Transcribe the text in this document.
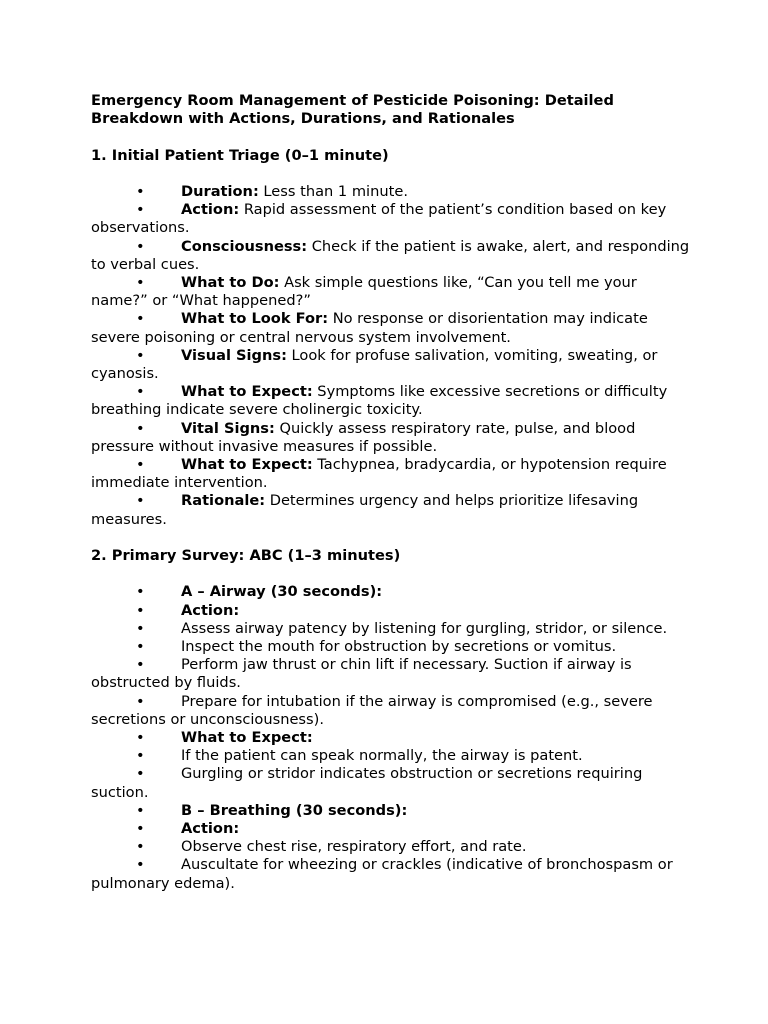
Emergency Room Management of Pesticide Poisoning: Detailed
Breakdown with Actions, Durations, and Rationales

1. Initial Patient Triage (0–1 minute)

• Duration: Less than 1 minute.

• Action: Rapid assessment of the patient’s condition based on key observations.

• Consciousness: Check if the patient is awake, alert, and responding to verbal cues.

• What to Do: Ask simple questions like, “Can you tell me your name?” or “What happened?”

• What to Look For: No response or disorientation may indicate severe poisoning or central nervous system involvement.

• Visual Signs: Look for profuse salivation, vomiting, sweating, or cyanosis.

• What to Expect: Symptoms like excessive secretions or difficulty breathing indicate severe cholinergic toxicity.

• Vital Signs: Quickly assess respiratory rate, pulse, and blood pressure without invasive measures if possible.

• What to Expect: Tachypnea, bradycardia, or hypotension require immediate intervention.

• Rationale: Determines urgency and helps prioritize lifesaving measures.

2. Primary Survey: ABC (1–3 minutes)

• A – Airway (30 seconds):

• Action:

• Assess airway patency by listening for gurgling, stridor, or silence.

• Inspect the mouth for obstruction by secretions or vomitus.

• Perform jaw thrust or chin lift if necessary. Suction if airway is obstructed by fluids.

• Prepare for intubation if the airway is compromised (e.g., severe secretions or unconsciousness).

• What to Expect:

• If the patient can speak normally, the airway is patent.

• Gurgling or stridor indicates obstruction or secretions requiring suction.

• B – Breathing (30 seconds):

• Action:

• Observe chest rise, respiratory effort, and rate.

• Auscultate for wheezing or crackles (indicative of bronchospasm or pulmonary edema).
